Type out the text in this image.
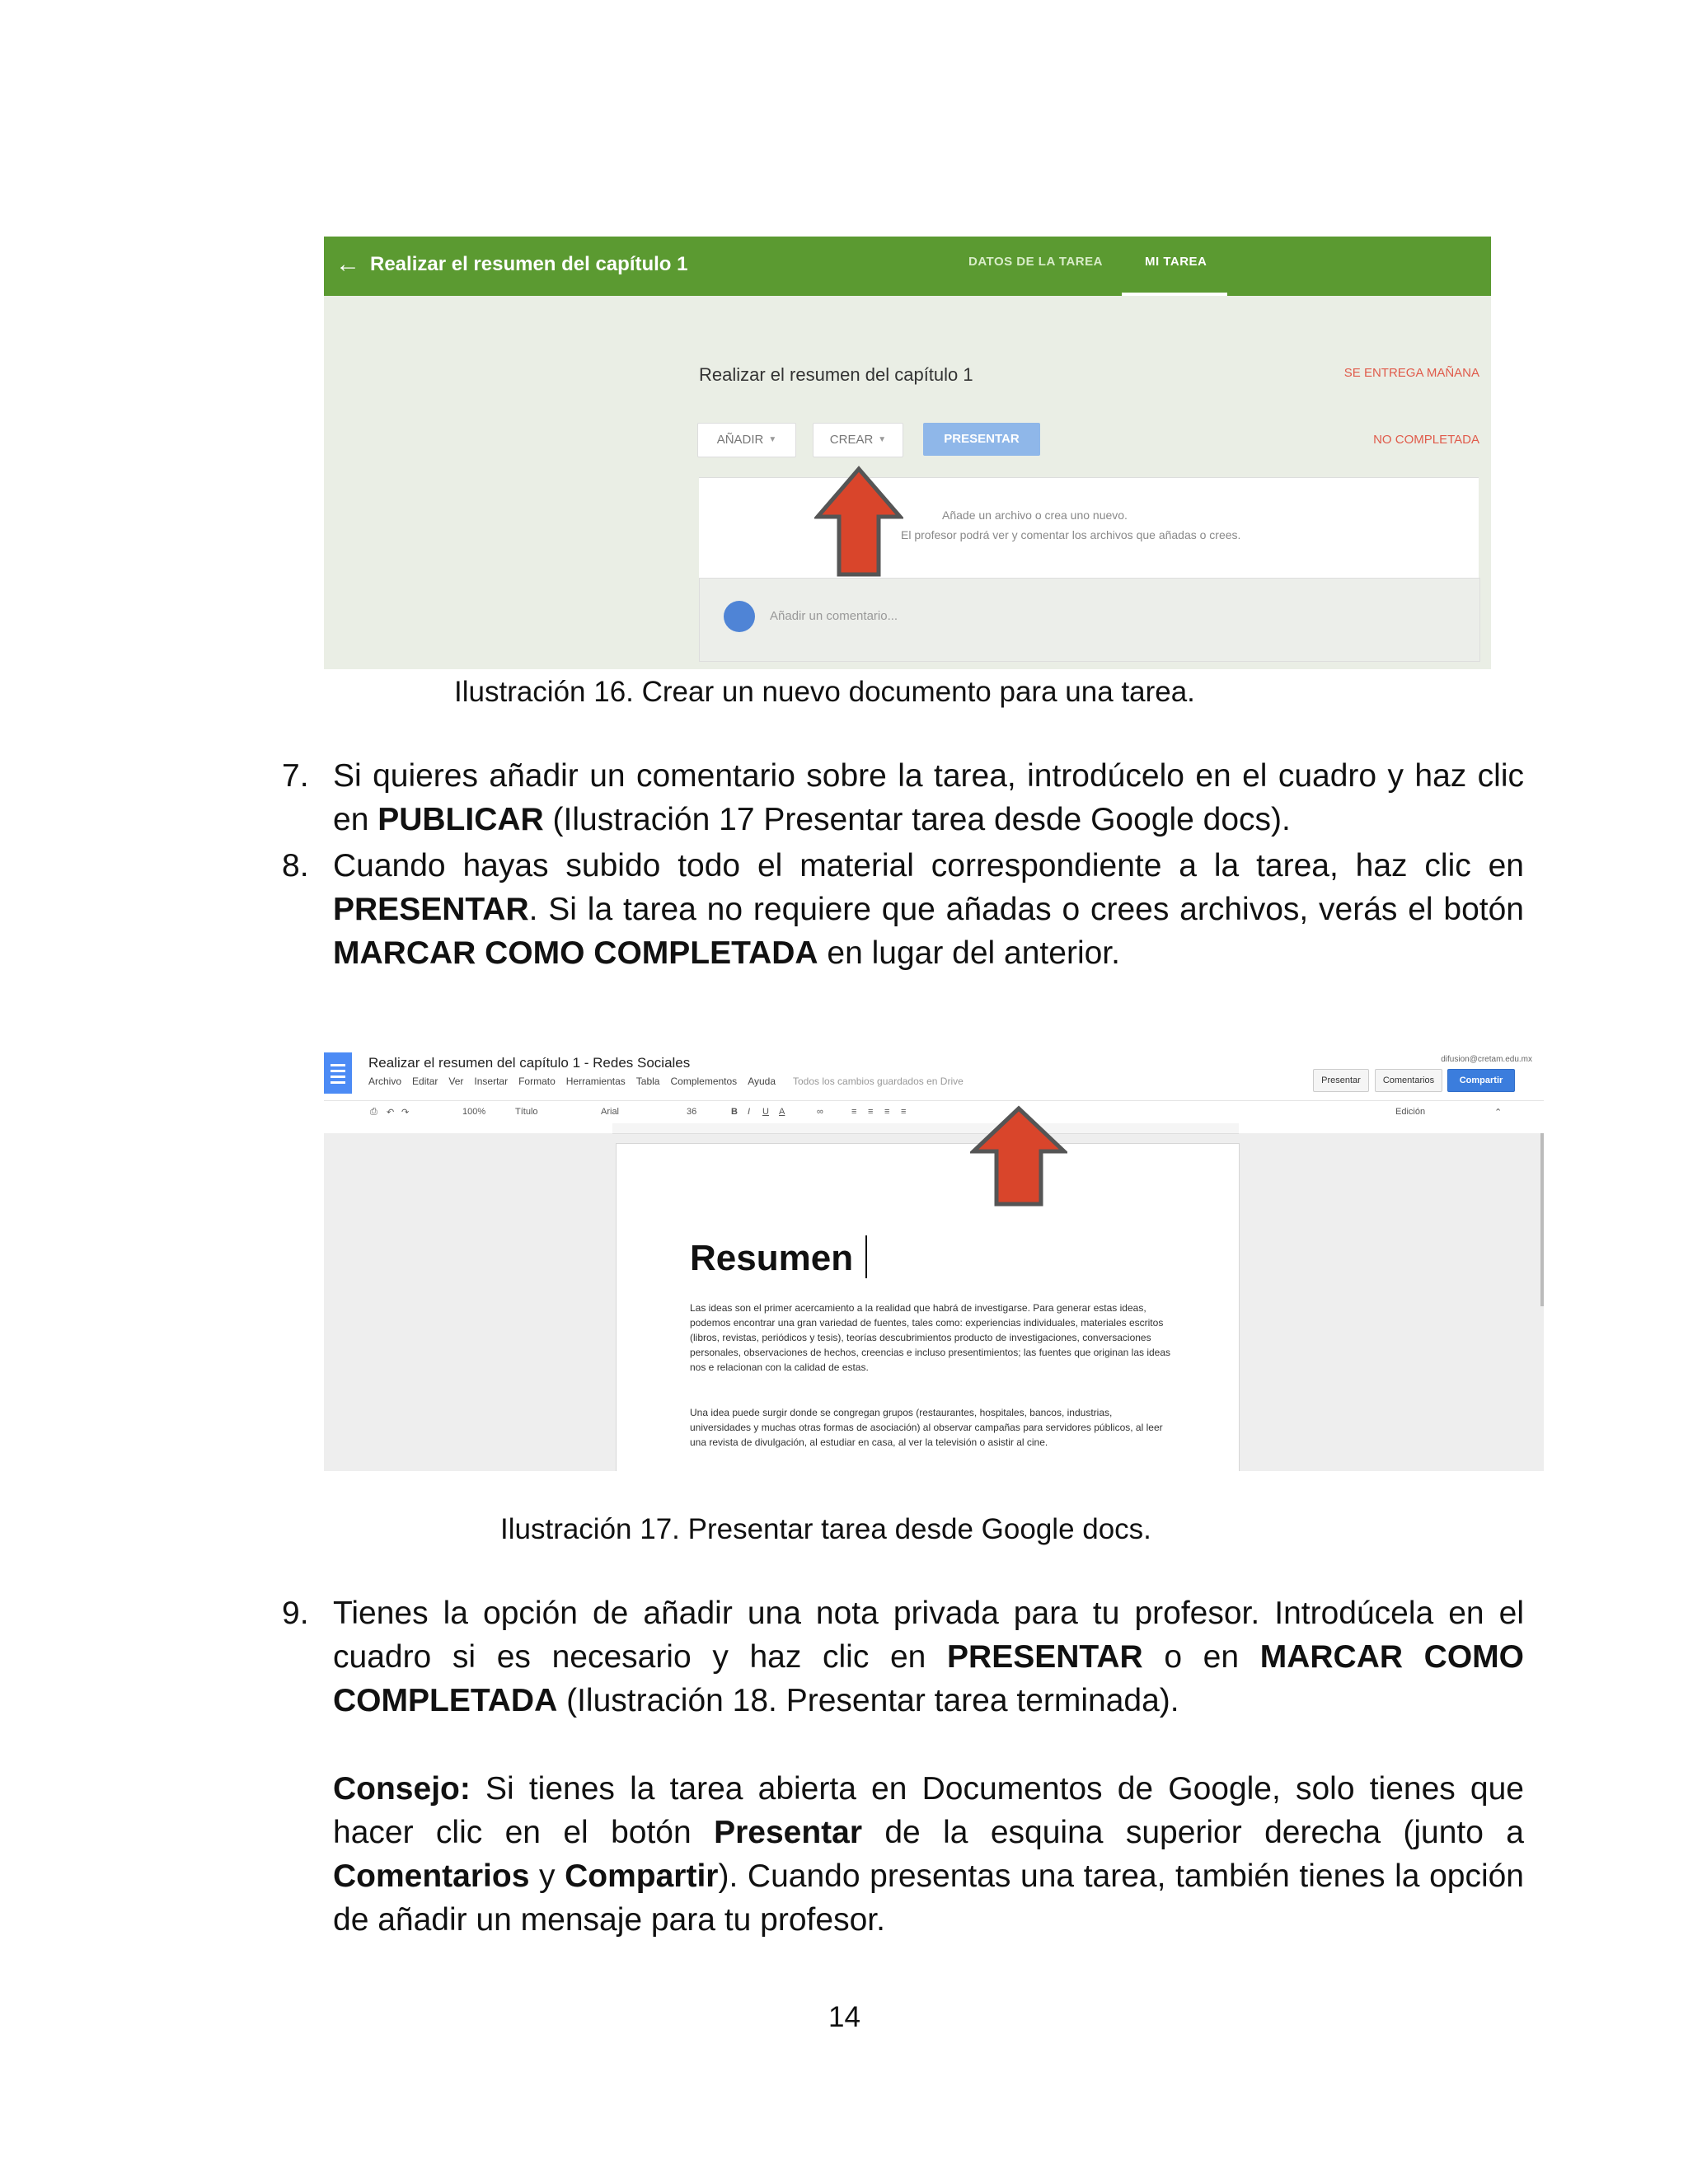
← Realizar el resumen del capítulo 1	DATOS DE LA TAREA	MI TAREA
Realizar el resumen del capítulo 1	SE ENTREGA MAÑANA
AÑADIR ▼	CREAR ▼	PRESENTAR	NO COMPLETADA
Añade un archivo o crea uno nuevo.
El profesor podrá ver y comentar los archivos que añadas o crees.
Añadir un comentario...
Ilustración 16. Crear un nuevo documento para una tarea.
7. Si quieres añadir un comentario sobre la tarea, introdúcelo en el cuadro y haz clic en PUBLICAR (Ilustración 17 Presentar tarea desde Google docs).
8. Cuando hayas subido todo el material correspondiente a la tarea, haz clic en PRESENTAR. Si la tarea no requiere que añadas o crees archivos, verás el botón MARCAR COMO COMPLETADA en lugar del anterior.
Realizar el resumen del capítulo 1 - Redes Sociales
Archivo Editar Ver Insertar Formato Herramientas Tabla Complementos Ayuda Todos los cambios guardados en Drive
difusion@cretam.edu.mx
Presentar	Comentarios	Compartir
⎙ ↶ ↷	100%	Título	Arial	36	B I U A	∞	≡ ≡ ≡ ≡	Edición	⌃
Resumen
Las ideas son el primer acercamiento a la realidad que habrá de investigarse. Para generar estas ideas, podemos encontrar una gran variedad de fuentes, tales como: experiencias individuales, materiales escritos (libros, revistas, periódicos y tesis), teorías descubrimientos producto de investigaciones, conversaciones personales, observaciones de hechos, creencias e incluso presentimientos; las fuentes que originan las ideas nos e relacionan con la calidad de estas.
Una idea puede surgir donde se congregan grupos (restaurantes, hospitales, bancos, industrias, universidades y muchas otras formas de asociación) al observar campañas para servidores públicos, al leer una revista de divulgación, al estudiar en casa, al ver la televisión o asistir al cine.
Ilustración 17. Presentar tarea desde Google docs.
9. Tienes la opción de añadir una nota privada para tu profesor. Introdúcela en el cuadro si es necesario y haz clic en PRESENTAR o en MARCAR COMO COMPLETADA (Ilustración 18. Presentar tarea terminada).
Consejo: Si tienes la tarea abierta en Documentos de Google, solo tienes que hacer clic en el botón Presentar de la esquina superior derecha (junto a Comentarios y Compartir). Cuando presentas una tarea, también tienes la opción de añadir un mensaje para tu profesor.
14
